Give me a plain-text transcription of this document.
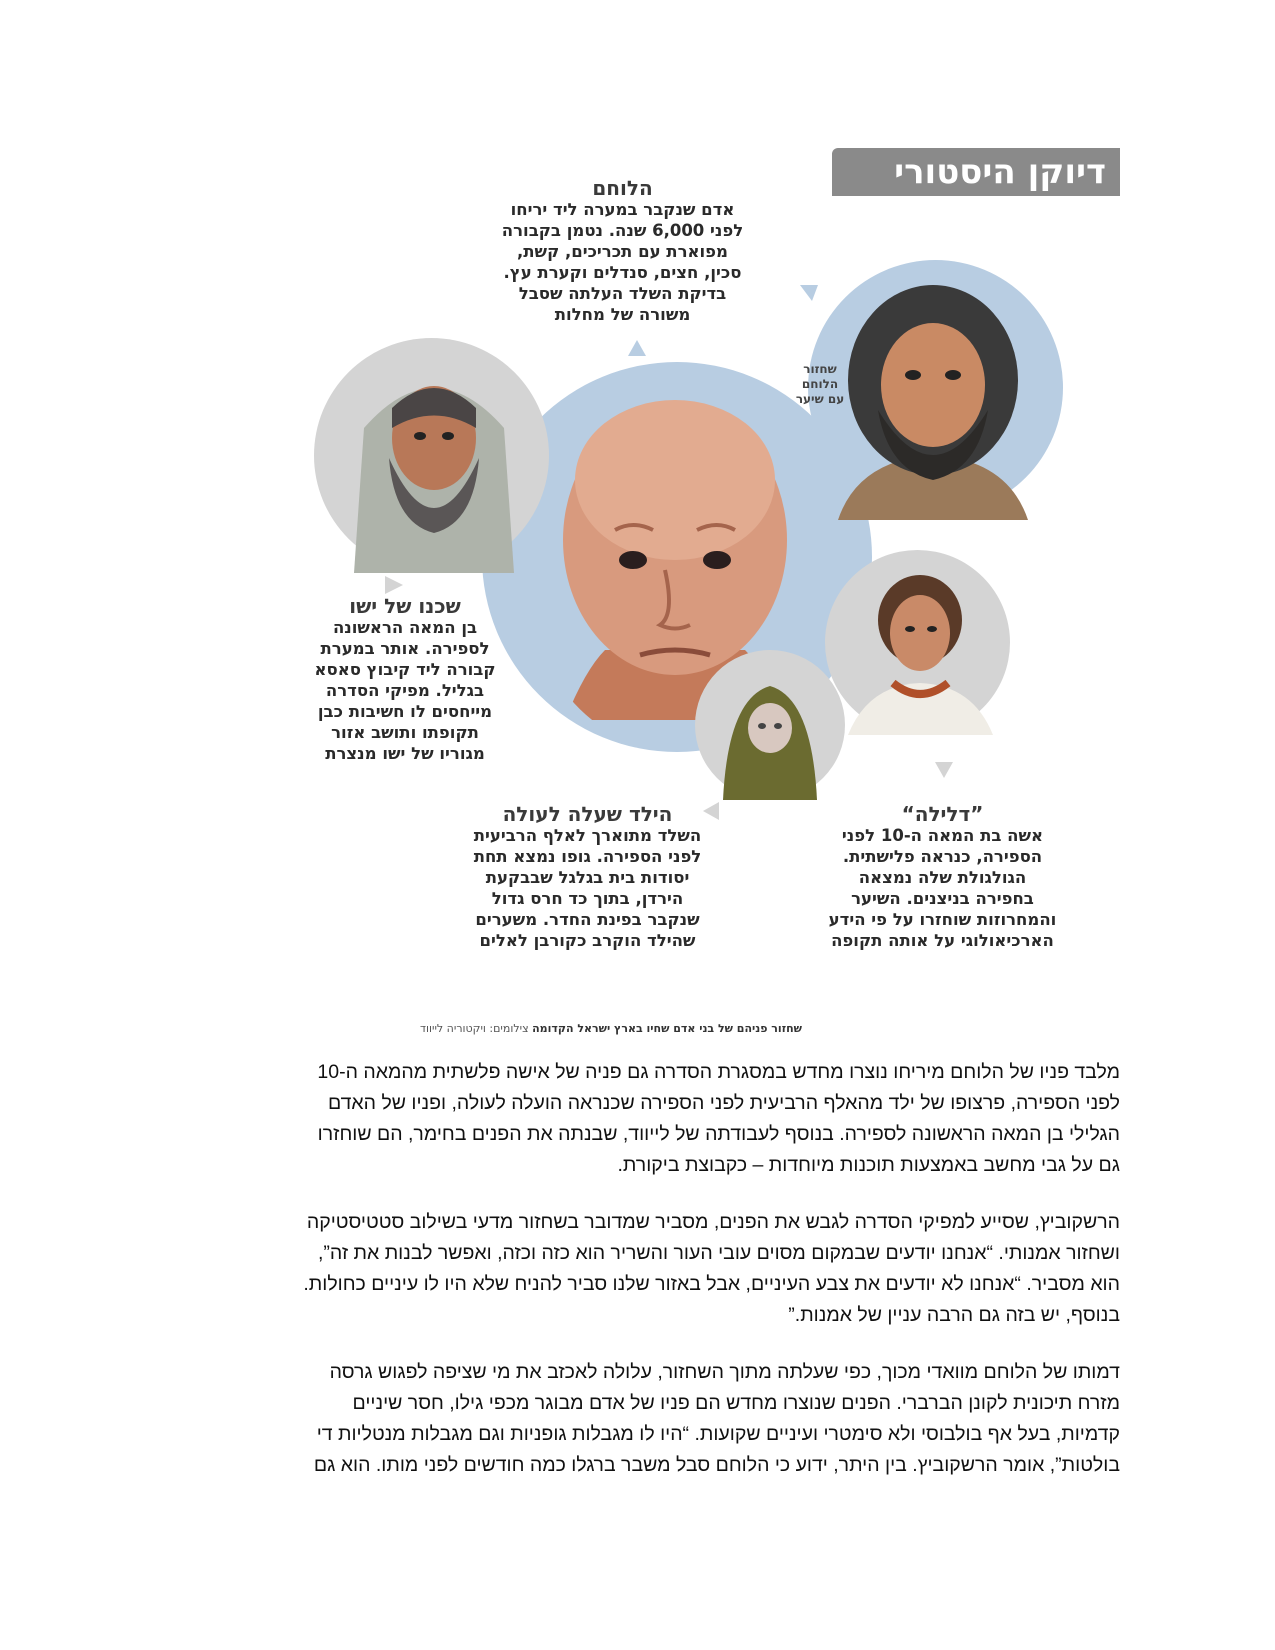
שחזור
הלוחם
עם שיער
דיוקן היסטורי
הלוחם
אדם שנקבר במערה ליד יריחו
לפני 6,000 שנה. נטמן בקבורה
מפוארת עם תכריכים, קשת,
סכין, חצים, סנדלים וקערת עץ.
בדיקת השלד העלתה שסבל
משורה של מחלות
שכנו של ישו
בן המאה הראשונה
לספירה. אותר במערת
קבורה ליד קיבוץ סאסא
בגליל. מפיקי הסדרה
מייחסים לו חשיבות כבן
תקופתו ותושב אזור
מגוריו של ישו מנצרת
הילד שעלה לעולה
השלד מתוארך לאלף הרביעית
לפני הספירה. גופו נמצא תחת
יסודות בית בגלגל שבבקעת
הירדן, בתוך כד חרס גדול
שנקבר בפינת החדר. משערים
שהילד הוקרב כקורבן לאלים
”דלילה“
אשה בת המאה ה-10 לפני
הספירה, כנראה פלישתית.
הגולגולת שלה נמצאה
בחפירה בניצנים. השיער
והמחרוזות שוחזרו על פי הידע
הארכיאולוגי על אותה תקופה
שחזור פניהם של בני אדם שחיו בארץ ישראל הקדומה צילומים: ויקטוריה לייווד
מלבד פניו של הלוחם מיריחו נוצרו מחדש במסגרת הסדרה גם פניה של אישה פלשתית מהמאה ה-10
לפני הספירה, פרצופו של ילד מהאלף הרביעית לפני הספירה שכנראה הועלה לעולה, ופניו של האדם
הגלילי בן המאה הראשונה לספירה. בנוסף לעבודתה של לייווד, שבנתה את הפנים בחימר, הם שוחזרו
גם על גבי מחשב באמצעות תוכנות מיוחדות – כקבוצת ביקורת.
הרשקוביץ, שסייע למפיקי הסדרה לגבש את הפנים, מסביר שמדובר בשחזור מדעי בשילוב סטטיסטיקה
ושחזור אמנותי. “אנחנו יודעים שבמקום מסוים עובי העור והשריר הוא כזה וכזה, ואפשר לבנות את זה”,
הוא מסביר. “אנחנו לא יודעים את צבע העיניים, אבל באזור שלנו סביר להניח שלא היו לו עיניים כחולות.
בנוסף, יש בזה גם הרבה עניין של אמנות.”
דמותו של הלוחם מוואדי מכוך, כפי שעלתה מתוך השחזור, עלולה לאכזב את מי שציפה לפגוש גרסה
מזרח תיכונית לקונן הברברי. הפנים שנוצרו מחדש הם פניו של אדם מבוגר מכפי גילו, חסר שיניים
קדמיות, בעל אף בולבוסי ולא סימטרי ועיניים שקועות. “היו לו מגבלות גופניות וגם מגבלות מנטליות די
בולטות”, אומר הרשקוביץ. בין היתר, ידוע כי הלוחם סבל משבר ברגלו כמה חודשים לפני מותו. הוא גם
